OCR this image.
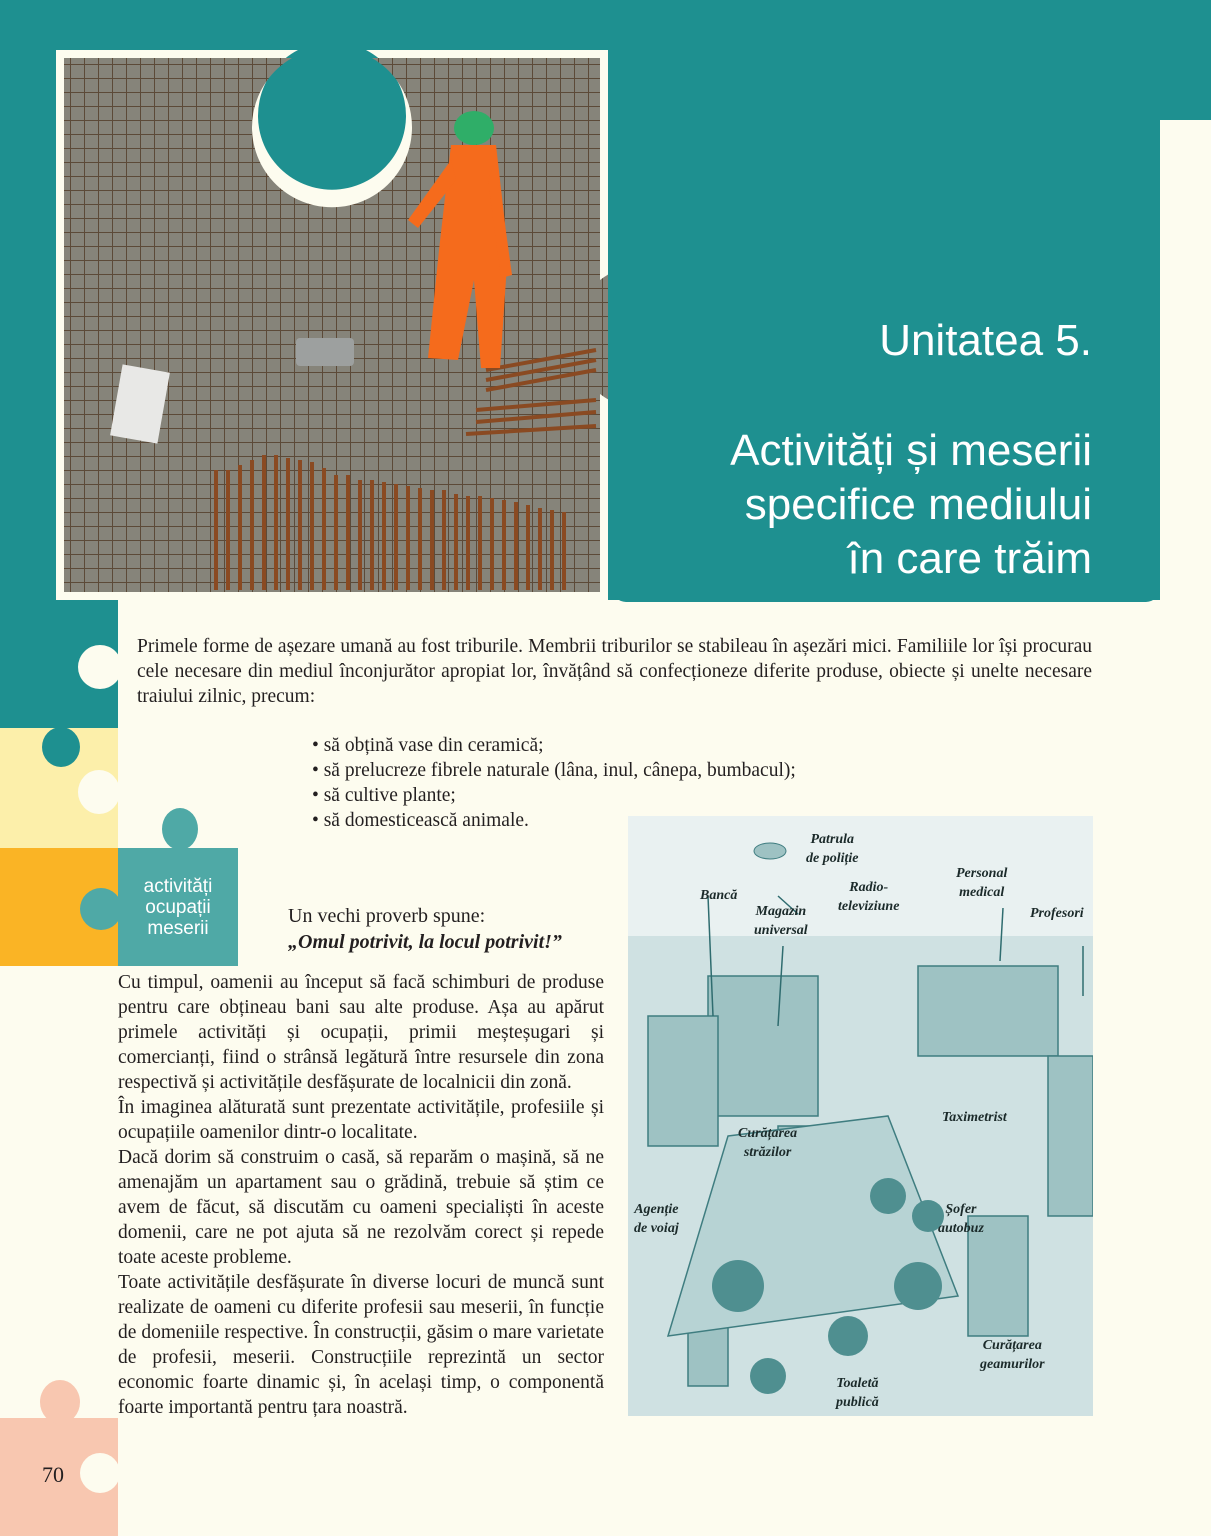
Unitatea 5.
Activități și meserii
specifice mediului
în care trăim
activități
ocupații
meserii
Primele forme de așezare umană au fost triburile. Membrii triburilor se stabileau în așezări mici. Familiile lor își procurau cele necesare din mediul înconjurător apropiat lor, învățând să confecționeze diferite produse, obiecte și unelte necesare traiului zilnic, precum:
• să obțină vase din ceramică;
• să prelucreze fibrele naturale (lâna, inul, cânepa, bumbacul);
• să cultive plante;
• să domesticească animale.
Un vechi proverb spune:
„Omul potrivit, la locul potrivit!”
Cu timpul, oamenii au început să facă schimburi de produse pentru care obțineau bani sau alte produse. Așa au apărut primele activități și ocupații, primii meșteșugari și comercianți, fiind o strânsă legătură între resursele din zona respectivă și activitățile desfășurate de localnicii din zonă.
În imaginea alăturată sunt prezentate activitățile, profesiile și ocupațiile oamenilor dintr-o localitate.
Dacă dorim să construim o casă, să reparăm o mașină, să ne amenajăm un apartament sau o grădină, trebuie să știm ce avem de făcut, să discutăm cu oameni specialiști în aceste domenii, care ne pot ajuta să ne rezolvăm corect și repede toate aceste probleme.
Toate activitățile desfășurate în diverse locuri de muncă sunt realizate de oameni cu diferite profesii sau meserii, în funcție de domeniile respective. În construcții, găsim o mare varietate de profesii, meserii. Construcțiile reprezintă un sector economic foarte dinamic și, în același timp, o componentă foarte importantă pentru țara noastră.
Patrula
de poliție
Bancă
Magazin
universal
Radio-
televiziune
Personal
medical
Profesori
Taximetrist
Curățarea
străzilor
Agenție
de voiaj
Șofer
autobuz
Curățarea
geamurilor
Toaletă
publică
70
